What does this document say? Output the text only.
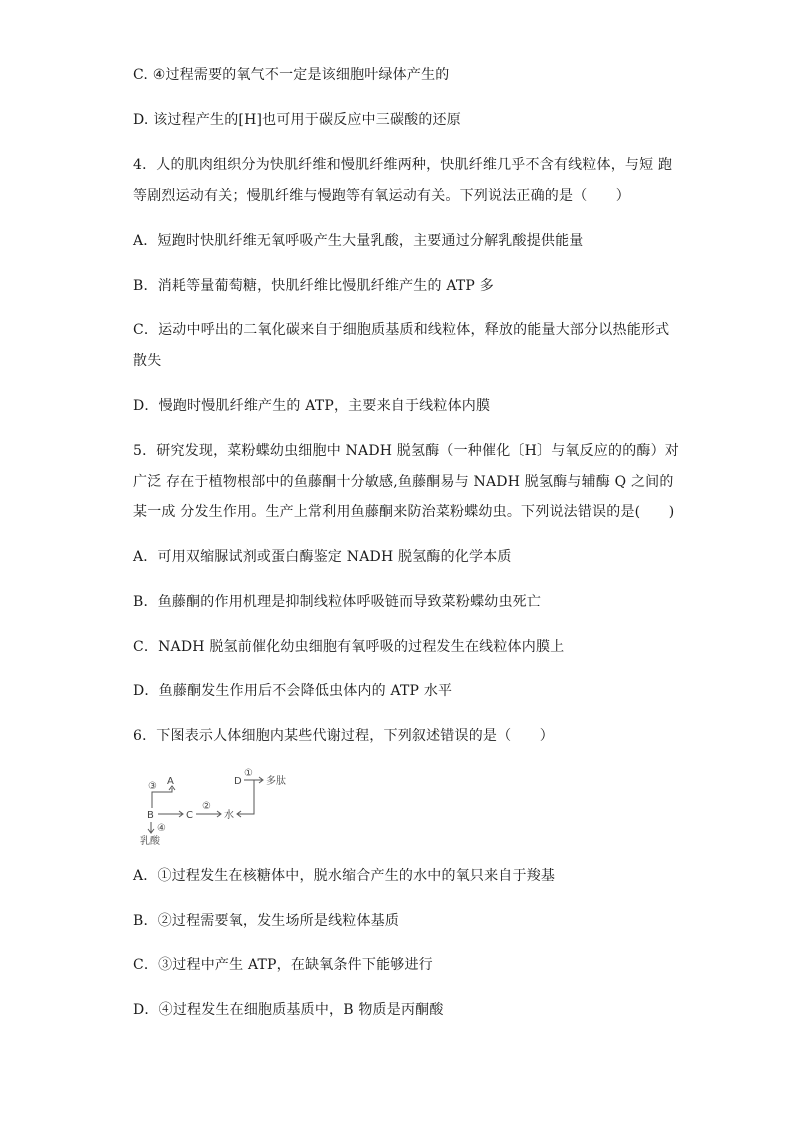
C. ④过程需要的氧气不一定是该细胞叶绿体产生的
D. 该过程产生的[H]也可用于碳反应中三碳酸的还原
4．人的肌肉组织分为快肌纤维和慢肌纤维两种，快肌纤维几乎不含有线粒体，与短 跑
等剧烈运动有关；慢肌纤维与慢跑等有氧运动有关。下列说法正确的是（　　）
A．短跑时快肌纤维无氧呼吸产生大量乳酸，主要通过分解乳酸提供能量
B．消耗等量葡萄糖，快肌纤维比慢肌纤维产生的 ATP 多
C．运动中呼出的二氧化碳来自于细胞质基质和线粒体，释放的能量大部分以热能形式
散失
D．慢跑时慢肌纤维产生的 ATP，主要来自于线粒体内膜
5．研究发现，菜粉蝶幼虫细胞中 NADH 脱氢酶（一种催化〔H〕与氧反应的的酶）对
广泛 存在于植物根部中的鱼藤酮十分敏感,鱼藤酮易与 NADH 脱氢酶与辅酶 Q 之间的
某一成 分发生作用。生产上常利用鱼藤酮来防治菜粉蝶幼虫。下列说法错误的是(　　)
A．可用双缩脲试剂或蛋白酶鉴定 NADH 脱氢酶的化学本质
B．鱼藤酮的作用机理是抑制线粒体呼吸链而导致菜粉蝶幼虫死亡
C．NADH 脱氢前催化幼虫细胞有氧呼吸的过程发生在线粒体内膜上
D．鱼藤酮发生作用后不会降低虫体内的 ATP 水平
6．下图表示人体细胞内某些代谢过程，下列叙述错误的是（　　）
A
③
B	C
②
水
D
①
多肽
④
乳酸
A．①过程发生在核糖体中，脱水缩合产生的水中的氧只来自于羧基
B．②过程需要氧，发生场所是线粒体基质
C．③过程中产生 ATP，在缺氧条件下能够进行
D．④过程发生在细胞质基质中，B 物质是丙酮酸
